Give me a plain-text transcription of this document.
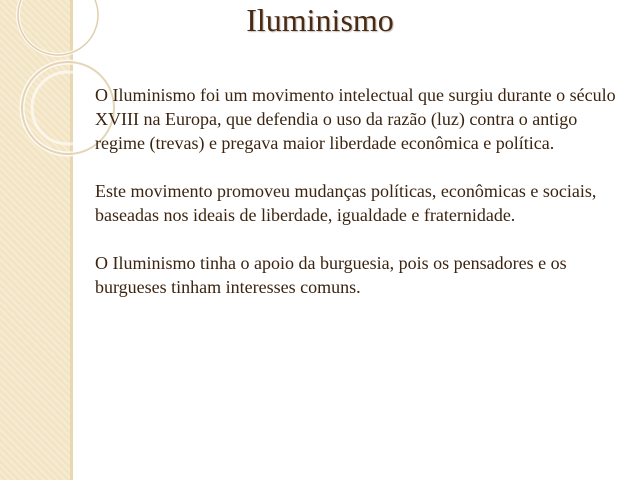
Iluminismo

O Iluminismo foi um movimento intelectual que surgiu durante o século XVIII na Europa, que defendia o uso da razão (luz) contra o antigo regime (trevas) e pregava maior liberdade econômica e política.

Este movimento promoveu mudanças políticas, econômicas e sociais, baseadas nos ideais de liberdade, igualdade e fraternidade.

O Iluminismo tinha o apoio da burguesia, pois os pensadores e os burgueses tinham interesses comuns.
